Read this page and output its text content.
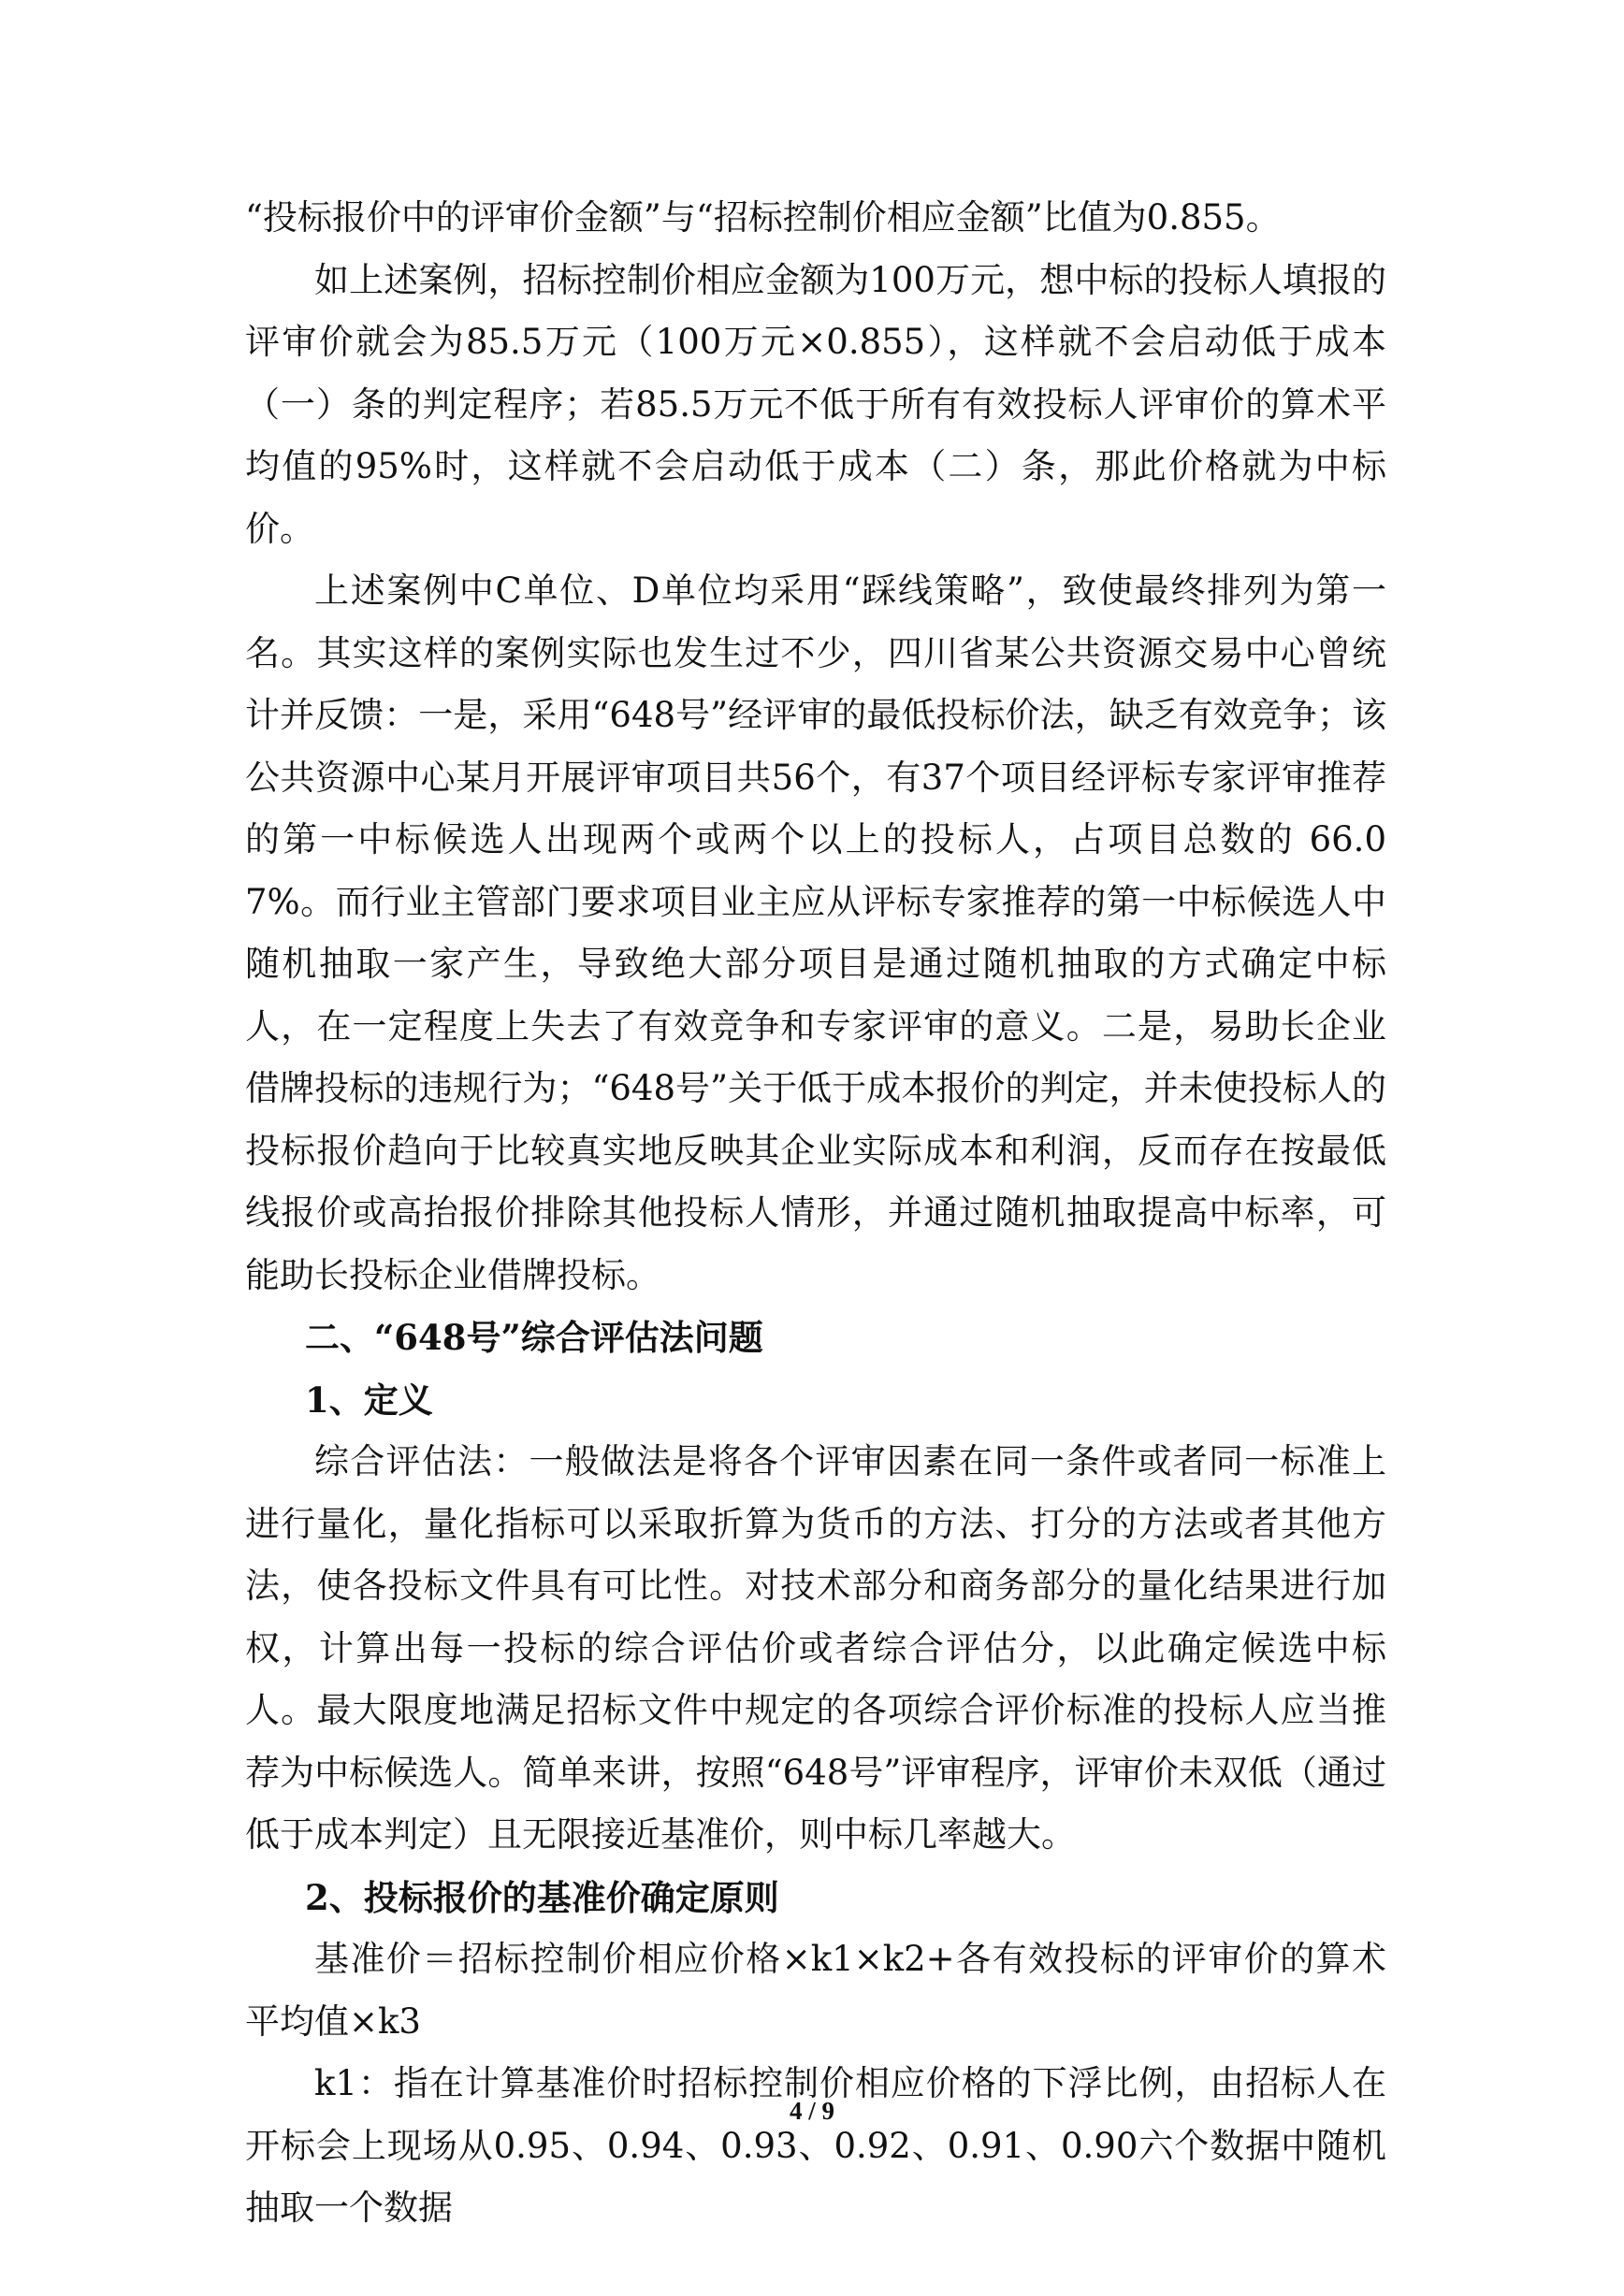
“投标报价中的评审价金额”与“招标控制价相应金额”比值为0.855。

如上述案例，招标控制价相应金额为100万元，想中标的投标人填报的评审价就会为85.5万元（100万元×0.855），这样就不会启动低于成本（一）条的判定程序；若85.5万元不低于所有有效投标人评审价的算术平均值的95%时，这样就不会启动低于成本（二）条，那此价格就为中标价。

上述案例中C单位、D单位均采用“踩线策略”，致使最终排列为第一名。其实这样的案例实际也发生过不少，四川省某公共资源交易中心曾统计并反馈：一是，采用“648号”经评审的最低投标价法，缺乏有效竞争；该公共资源中心某月开展评审项目共56个，有37个项目经评标专家评审推荐的第一中标候选人出现两个或两个以上的投标人，占项目总数的 66.07%。而行业主管部门要求项目业主应从评标专家推荐的第一中标候选人中随机抽取一家产生，导致绝大部分项目是通过随机抽取的方式确定中标人，在一定程度上失去了有效竞争和专家评审的意义。二是，易助长企业借牌投标的违规行为；“648号”关于低于成本报价的判定，并未使投标人的投标报价趋向于比较真实地反映其企业实际成本和利润，反而存在按最低线报价或高抬报价排除其他投标人情形，并通过随机抽取提高中标率，可能助长投标企业借牌投标。

二、“648号”综合评估法问题

1、定义

综合评估法：一般做法是将各个评审因素在同一条件或者同一标准上进行量化，量化指标可以采取折算为货币的方法、打分的方法或者其他方法，使各投标文件具有可比性。对技术部分和商务部分的量化结果进行加权，计算出每一投标的综合评估价或者综合评估分，以此确定候选中标人。最大限度地满足招标文件中规定的各项综合评价标准的投标人应当推荐为中标候选人。简单来讲，按照“648号”评审程序，评审价未双低（通过低于成本判定）且无限接近基准价，则中标几率越大。

2、投标报价的基准价确定原则

基准价＝招标控制价相应价格×k1×k2+各有效投标的评审价的算术平均值×k3

k1：指在计算基准价时招标控制价相应价格的下浮比例，由招标人在开标会上现场从0.95、0.94、0.93、0.92、0.91、0.90六个数据中随机抽取一个数据

4 / 9
